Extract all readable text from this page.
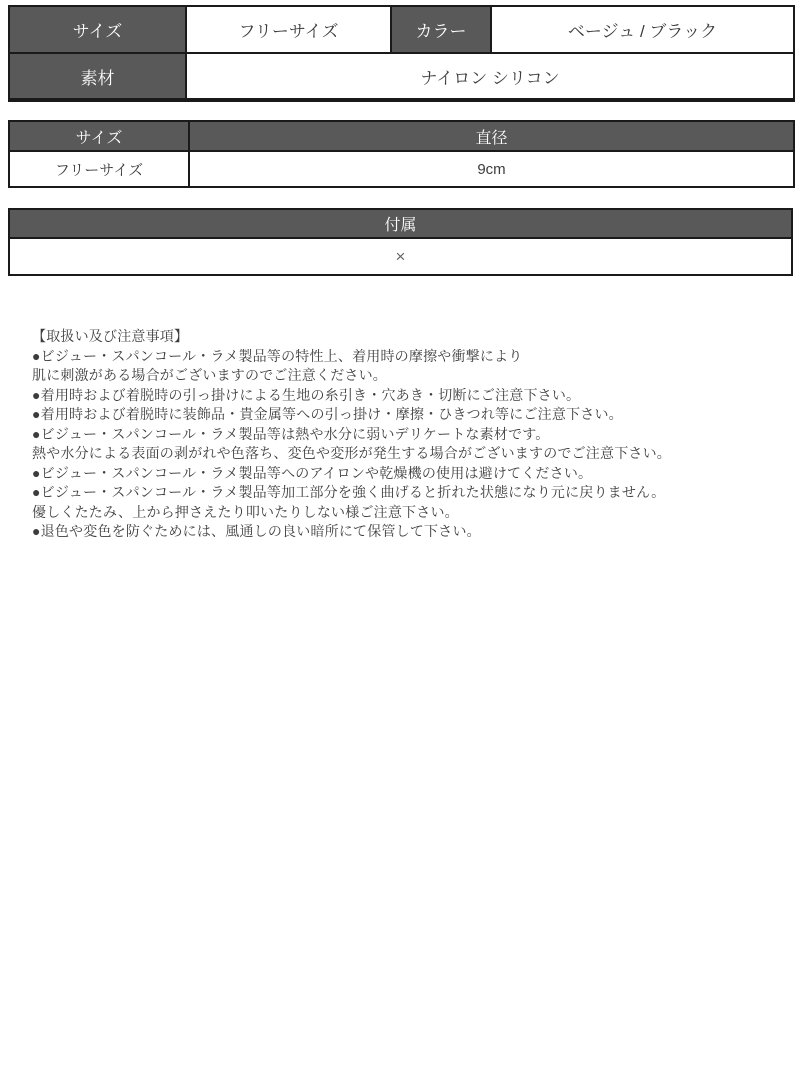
サイズ	フリーサイズ	カラー	ベージュ / ブラック
素材	ナイロン シリコン		
サイズ	直径
フリーサイズ	9cm
付属
×
【取扱い及び注意事項】
●ビジュー・スパンコール・ラメ製品等の特性上、着用時の摩擦や衝撃により
肌に刺激がある場合がございますのでご注意ください。
●着用時および着脱時の引っ掛けによる生地の糸引き・穴あき・切断にご注意下さい。
●着用時および着脱時に装飾品・貴金属等への引っ掛け・摩擦・ひきつれ等にご注意下さい。
●ビジュー・スパンコール・ラメ製品等は熱や水分に弱いデリケートな素材です。
熱や水分による表面の剥がれや色落ち、変色や変形が発生する場合がございますのでご注意下さい。
●ビジュー・スパンコール・ラメ製品等へのアイロンや乾燥機の使用は避けてください。
●ビジュー・スパンコール・ラメ製品等加工部分を強く曲げると折れた状態になり元に戻りません。
優しくたたみ、上から押さえたり叩いたりしない様ご注意下さい。
●退色や変色を防ぐためには、風通しの良い暗所にて保管して下さい。
